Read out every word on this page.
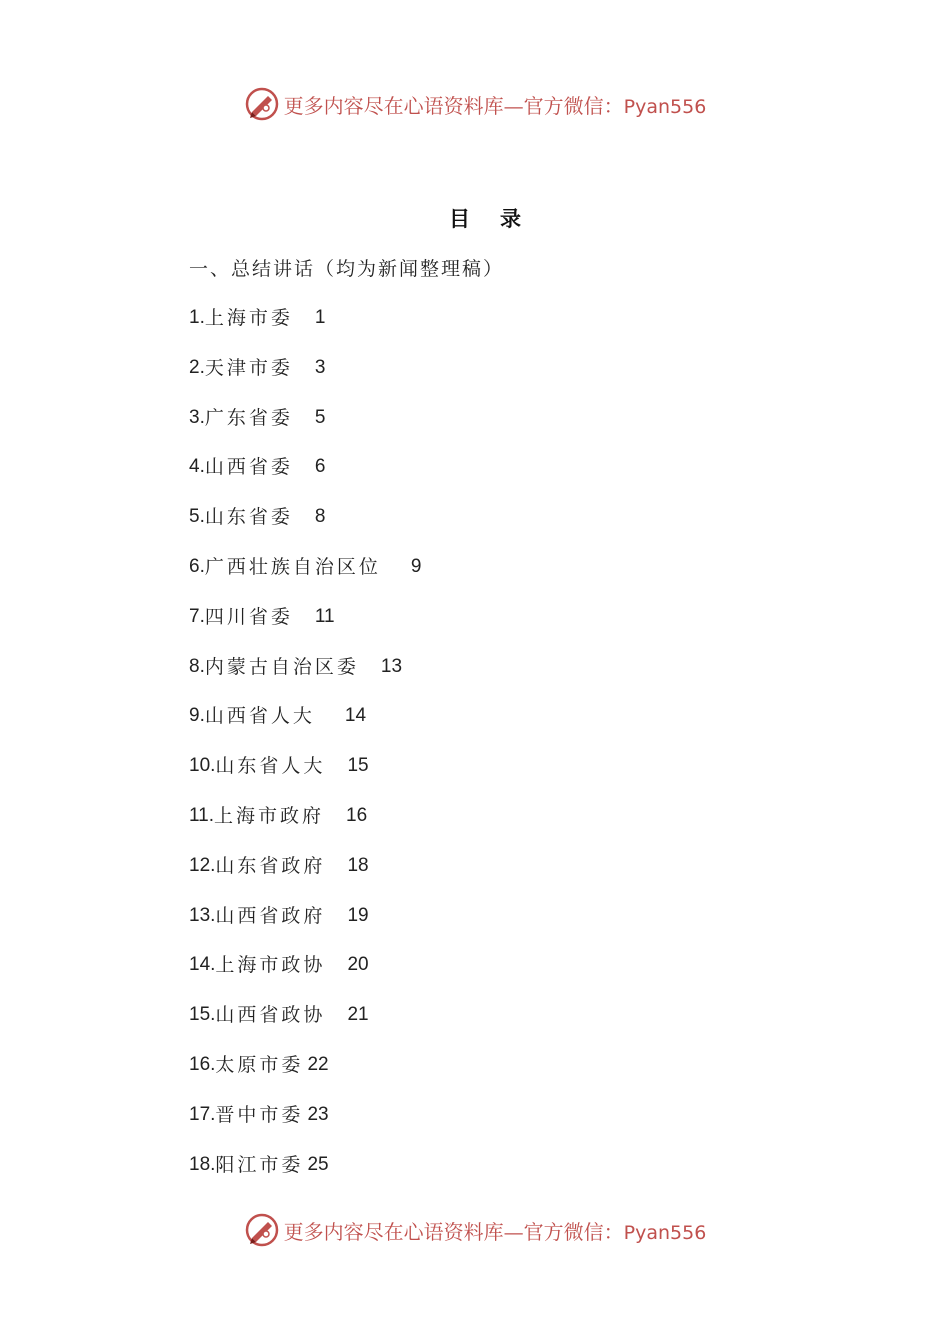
更多内容尽在心语资料库—官方微信：Pyan556
目录
一、总结讲话（均为新闻整理稿）
1. 上海市委 1
2. 天津市委 3
3. 广东省委 5
4. 山西省委 6
5. 山东省委 8
6. 广西壮族自治区位 9
7. 四川省委 11
8. 内蒙古自治区委 13
9. 山西省人大 14
10. 山东省人大 15
11. 上海市政府 16
12. 山东省政府 18
13. 山西省政府 19
14. 上海市政协 20
15. 山西省政协 21
16. 太原市委 22
17. 晋中市委 23
18. 阳江市委 25
更多内容尽在心语资料库—官方微信：Pyan556
